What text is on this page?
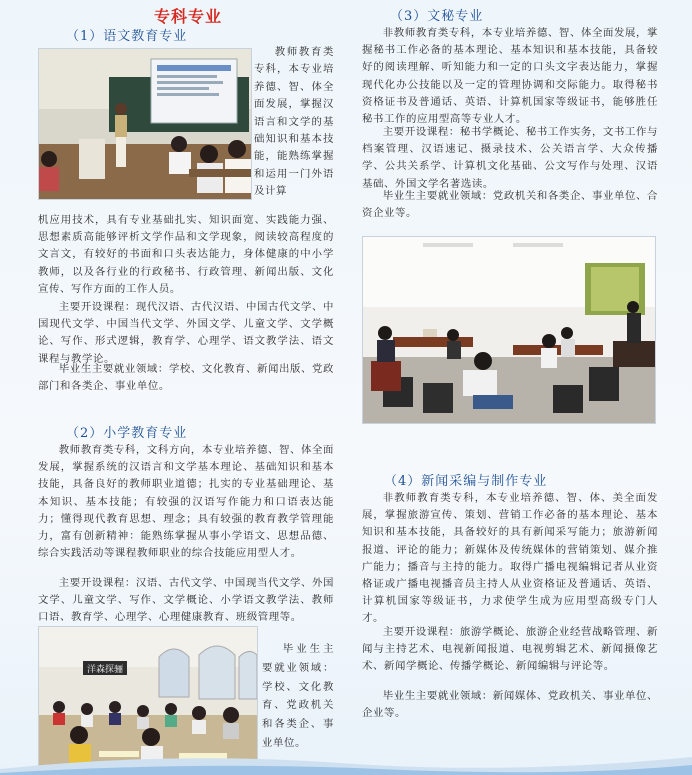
专科专业
（1）语文教育专业
教师教育类专科，本专业培养德、智、体全面发展，掌握汉语言和文学的基础知识和基本技能，能熟练掌握和运用一门外语及计算
机应用技术，具有专业基础扎实、知识面宽、实践能力强、思想素质高能够评析文学作品和文学现象，阅读较高程度的文言文，有较好的书面和口头表达能力，身体健康的中小学教师，以及各行业的行政秘书、行政管理、新闻出版、文化宣传、写作方面的工作人员。
主要开设课程：现代汉语、古代汉语、中国古代文学、中国现代文学、中国当代文学、外国文学、儿童文学、文学概论、写作、形式逻辑，教育学、心理学、语文教学法、语文课程与教学论。
毕业生主要就业领域：学校、文化教育、新闻出版、党政部门和各类企、事业单位。
（2）小学教育专业
教师教育类专科，文科方向，本专业培养德、智、体全面发展，掌握系统的汉语言和文学基本理论、基础知识和基本技能，具备良好的教师职业道德；扎实的专业基础理论、基本知识、基本技能；有较强的汉语写作能力和口语表达能力；懂得现代教育思想、理念；具有较强的教育教学管理能力，富有创新精神：能熟练掌握从事小学语文、思想品德、综合实践活动等课程教师职业的综合技能应用型人才。
主要开设课程：汉语、古代文学、中国现当代文学、外国文学、儿童文学、写作、文学概论、小学语文教学法、教师口语、教育学、心理学、心理健康教育、班级管理等。
洋森探骊
毕业生主要就业领域：学校、文化教育、党政机关和各类企、事业单位。
（3）文秘专业
非教师教育类专科，本专业培养德、智、体全面发展，掌握秘书工作必备的基本理论、基本知识和基本技能，具备较好的阅读理解、听知能力和一定的口头文字表达能力，掌握现代化办公技能以及一定的管理协调和交际能力。取得秘书资格证书及普通话、英语、计算机国家等级证书，能够胜任秘书工作的应用型高等专业人才。
主要开设课程：秘书学概论、秘书工作实务，文书工作与档案管理、汉语速记、摄录技术、公关语言学、大众传播学、公共关系学、计算机文化基础、公文写作与处理、汉语基础、外国文学名著选读。
毕业生主要就业领域：党政机关和各类企、事业单位、合资企业等。
（4）新闻采编与制作专业
非教师教育类专科，本专业培养德、智、体、美全面发展，掌握旅游宣传、策划、营销工作必备的基本理论、基本知识和基本技能，具备较好的具有新闻采写能力；旅游新闻报道、评论的能力；新媒体及传统媒体的营销策划、媒介推广能力；播音与主持的能力。取得广播电视编辑记者从业资格证或广播电视播音员主持人从业资格证及普通话、英语、计算机国家等级证书，力求使学生成为应用型高级专门人才。
主要开设课程：旅游学概论、旅游企业经营战略管理、新闻与主持艺术、电视新闻报道、电视剪辑艺术、新闻摄像艺术、新闻学概论、传播学概论、新闻编辑与评论等。
毕业生主要就业领域：新闻媒体、党政机关、事业单位、企业等。
